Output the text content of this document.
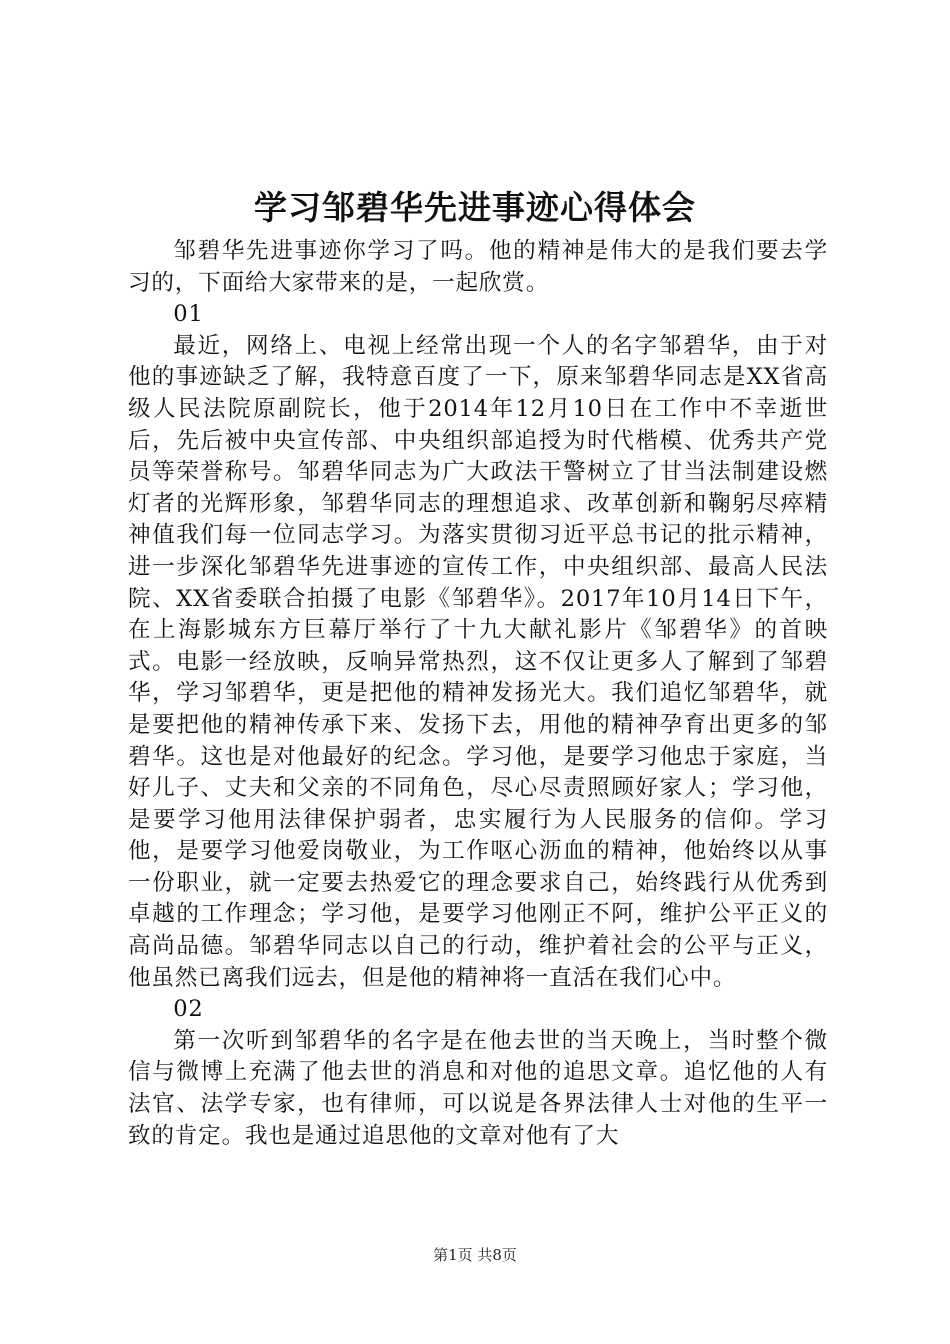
学习邹碧华先进事迹心得体会

邹碧华先进事迹你学习了吗。他的精神是伟大的是我们要去学习的，下面给大家带来的是，一起欣赏。

01

最近，网络上、电视上经常出现一个人的名字邹碧华，由于对他的事迹缺乏了解，我特意百度了一下，原来邹碧华同志是XX省高级人民法院原副院长，他于2014年12月10日在工作中不幸逝世后，先后被中央宣传部、中央组织部追授为时代楷模、优秀共产党员等荣誉称号。邹碧华同志为广大政法干警树立了甘当法制建设燃灯者的光辉形象，邹碧华同志的理想追求、改革创新和鞠躬尽瘁精神值我们每一位同志学习。为落实贯彻习近平总书记的批示精神，进一步深化邹碧华先进事迹的宣传工作，中央组织部、最高人民法院、XX省委联合拍摄了电影《邹碧华》。2017年10月14日下午，在上海影城东方巨幕厅举行了十九大献礼影片《邹碧华》的首映式。电影一经放映，反响异常热烈，这不仅让更多人了解到了邹碧华，学习邹碧华，更是把他的精神发扬光大。我们追忆邹碧华，就是要把他的精神传承下来、发扬下去，用他的精神孕育出更多的邹碧华。这也是对他最好的纪念。学习他，是要学习他忠于家庭，当好儿子、丈夫和父亲的不同角色，尽心尽责照顾好家人；学习他，是要学习他用法律保护弱者，忠实履行为人民服务的信仰。学习他，是要学习他爱岗敬业，为工作呕心沥血的精神，他始终以从事一份职业，就一定要去热爱它的理念要求自己，始终践行从优秀到卓越的工作理念；学习他，是要学习他刚正不阿，维护公平正义的高尚品德。邹碧华同志以自己的行动，维护着社会的公平与正义，他虽然已离我们远去，但是他的精神将一直活在我们心中。

02

第一次听到邹碧华的名字是在他去世的当天晚上，当时整个微信与微博上充满了他去世的消息和对他的追思文章。追忆他的人有法官、法学专家，也有律师，可以说是各界法律人士对他的生平一致的肯定。我也是通过追思他的文章对他有了大

第1页 共8页
